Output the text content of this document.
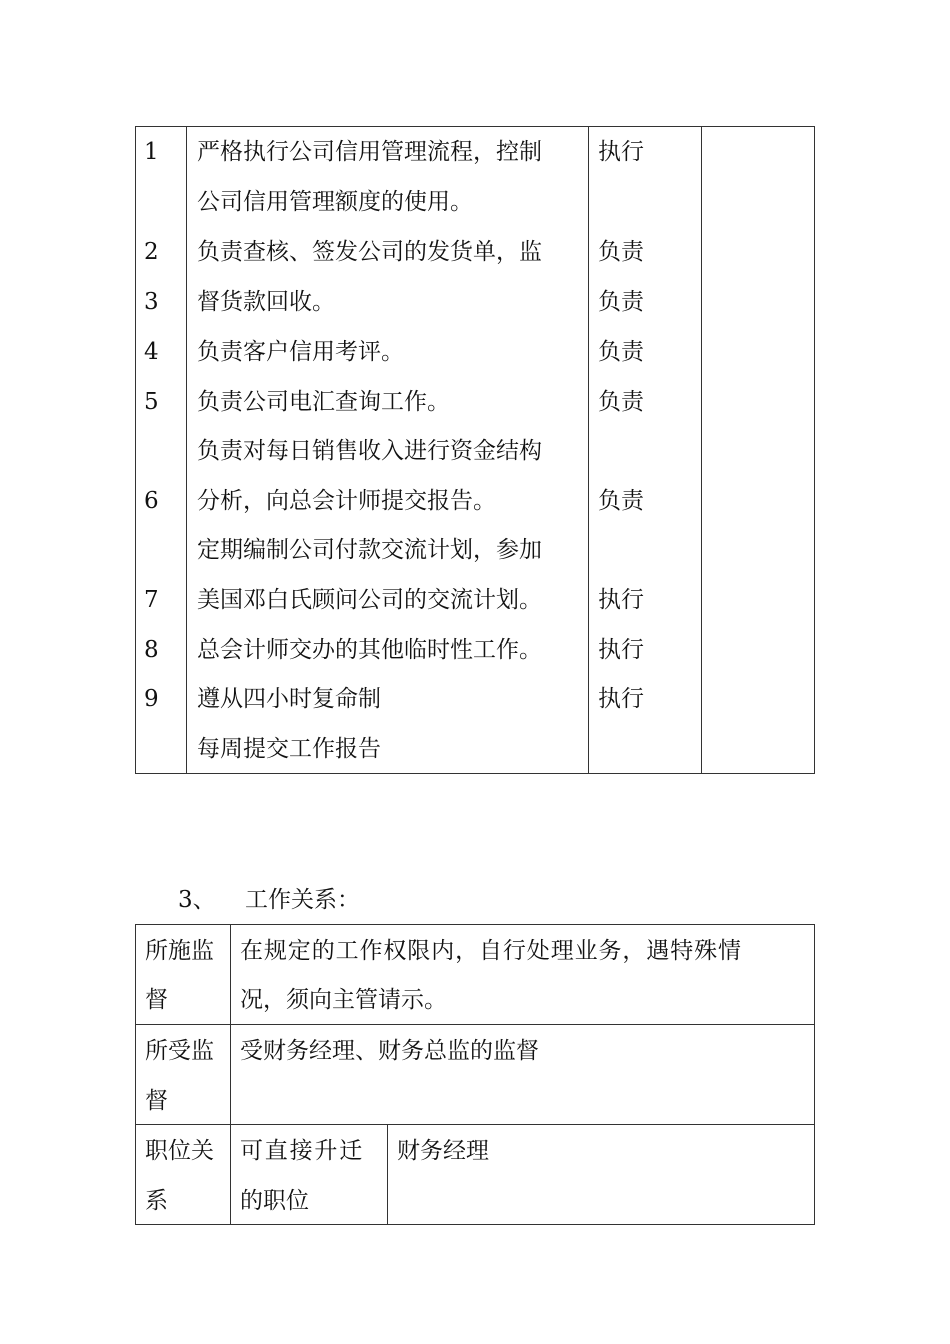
1
2
3
4
5
6
7
8
9
严格执行公司信用管理流程，控制
公司信用管理额度的使用。
负责查核、签发公司的发货单，监
督货款回收。
负责客户信用考评。
负责公司电汇查询工作。
负责对每日销售收入进行资金结构
分析，向总会计师提交报告。
定期编制公司付款交流计划，参加
美国邓白氏顾问公司的交流计划。
总会计师交办的其他临时性工作。
遵从四小时复命制
每周提交工作报告
执行
负责
负责
负责
负责
负责
执行
执行
执行
3、 工作关系：
所施监
督
在规定的工作权限内，自行处理业务，遇特殊情
况，须向主管请示。
所受监
督
受财务经理、财务总监的监督
职位关
系
可直接升迁
的职位
财务经理
